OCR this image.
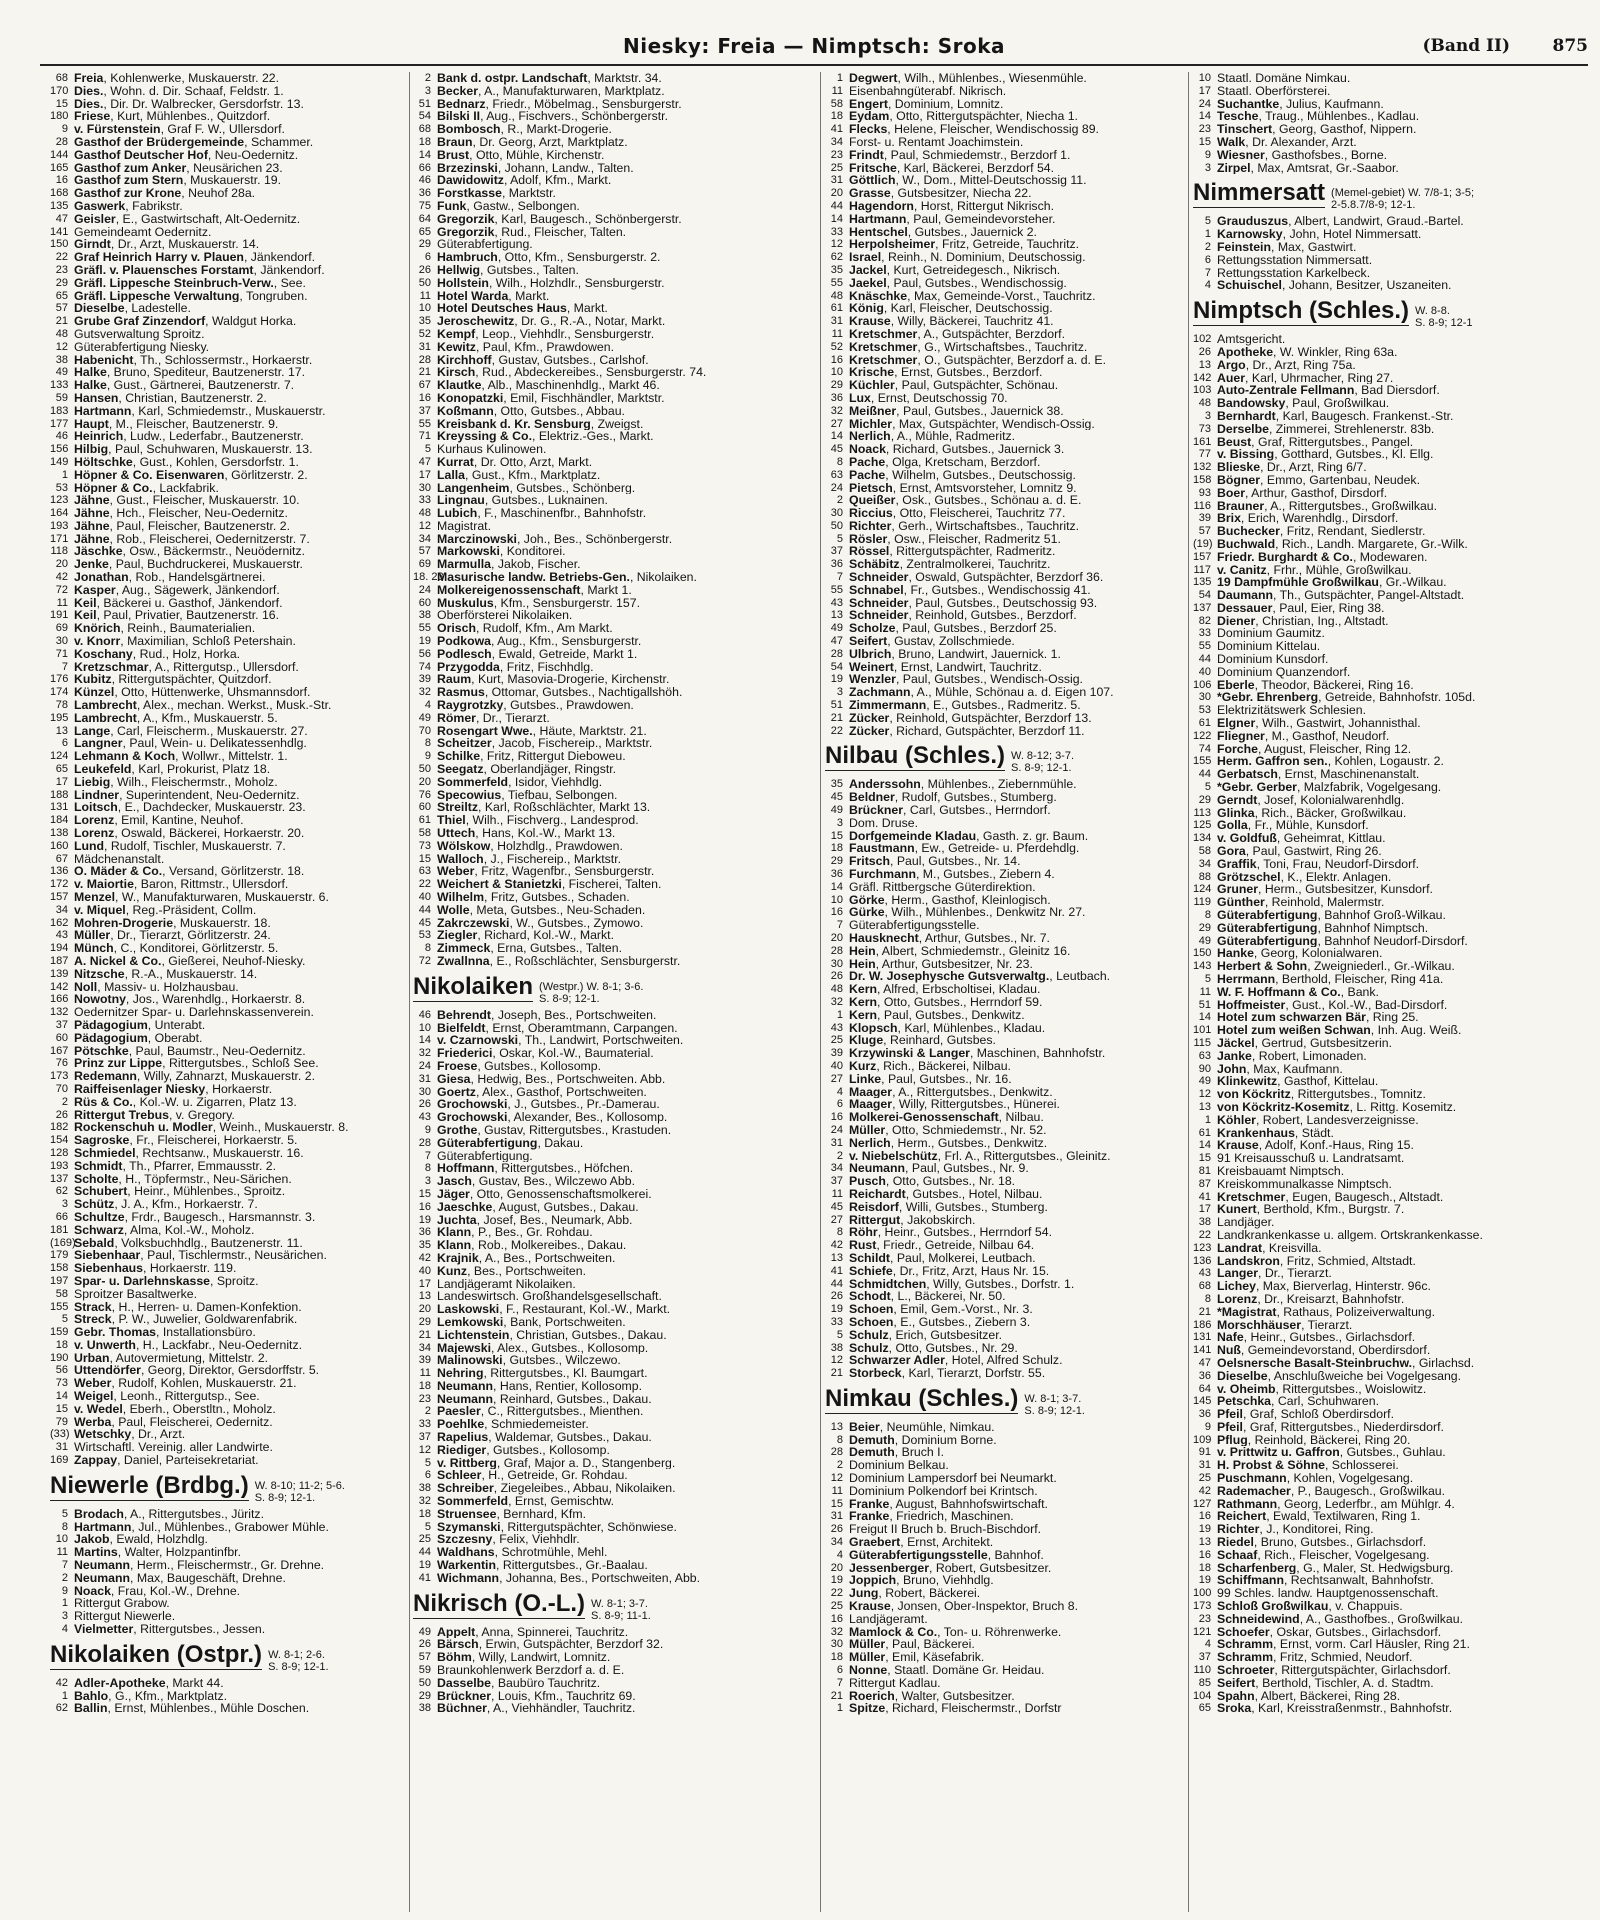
Niesky: Freia — Nimptsch: Sroka	(Band II)	875
68 Freia, Kohlenwerke, Muskauerstr. 22.
170 Dies., Wohn. d. Dir. Schaaf, Feldstr. 1.
15 Dies., Dir. Dr. Walbrecker, Gersdorfstr. 13.
180 Friese, Kurt, Mühlenbes., Quitzdorf.
9 v. Fürstenstein, Graf F. W., Ullersdorf.
28 Gasthof der Brüdergemeinde, Schammer.
144 Gasthof Deutscher Hof, Neu-Oedernitz.
165 Gasthof zum Anker, Neusärichen 23.
16 Gasthof zum Stern, Muskauerstr. 19.
168 Gasthof zur Krone, Neuhof 28a.
135 Gaswerk, Fabrikstr.
47 Geisler, E., Gastwirtschaft, Alt-Oedernitz.
141 Gemeindeamt Oedernitz.
150 Girndt, Dr., Arzt, Muskauerstr. 14.
22 Graf Heinrich Harry v. Plauen, Jänkendorf.
23 Gräfl. v. Plauensches Forstamt, Jänkendorf.
29 Gräfl. Lippesche Steinbruch-Verw., See.
65 Gräfl. Lippesche Verwaltung, Tongruben.
57 Dieselbe, Ladestelle.
21 Grube Graf Zinzendorf, Waldgut Horka.
48 Gutsverwaltung Sproitz.
12 Güterabfertigung Niesky.
38 Habenicht, Th., Schlossermstr., Horkaerstr.
49 Halke, Bruno, Spediteur, Bautzenerstr. 17.
133 Halke, Gust., Gärtnerei, Bautzenerstr. 7.
59 Hansen, Christian, Bautzenerstr. 2.
183 Hartmann, Karl, Schmiedemstr., Muskauerstr.
177 Haupt, M., Fleischer, Bautzenerstr. 9.
46 Heinrich, Ludw., Lederfabr., Bautzenerstr.
156 Hilbig, Paul, Schuhwaren, Muskauerstr. 13.
149 Höltschke, Gust., Kohlen, Gersdorfstr. 1.
1 Höpner & Co. Eisenwaren, Görlitzerstr. 2.
53 Höpner & Co., Lackfabrik.
123 Jähne, Gust., Fleischer, Muskauerstr. 10.
164 Jähne, Hch., Fleischer, Neu-Oedernitz.
193 Jähne, Paul, Fleischer, Bautzenerstr. 2.
171 Jähne, Rob., Fleischerei, Oedernitzerstr. 7.
118 Jäschke, Osw., Bäckermstr., Neuödernitz.
20 Jenke, Paul, Buchdruckerei, Muskauerstr.
42 Jonathan, Rob., Handelsgärtnerei.
72 Kasper, Aug., Sägewerk, Jänkendorf.
11 Keil, Bäckerei u. Gasthof, Jänkendorf.
191 Keil, Paul, Privatier, Bautzenerstr. 16.
69 Knörich, Reinh., Baumaterialien.
30 v. Knorr, Maximilian, Schloß Petershain.
71 Koschany, Rud., Holz, Horka.
7 Kretzschmar, A., Rittergutsp., Ullersdorf.
176 Kubitz, Rittergutspächter, Quitzdorf.
174 Künzel, Otto, Hüttenwerke, Uhsmannsdorf.
78 Lambrecht, Alex., mechan. Werkst., Musk.-Str.
195 Lambrecht, A., Kfm., Muskauerstr. 5.
13 Lange, Carl, Fleischerm., Muskauerstr. 27.
6 Langner, Paul, Wein- u. Delikatessenhdlg.
124 Lehmann & Koch, Wollwr., Mittelstr. 1.
65 Leukefeld, Karl, Prokurist, Platz 18.
17 Liebig, Wilh., Fleischermstr., Moholz.
188 Lindner, Superintendent, Neu-Oedernitz.
131 Loitsch, E., Dachdecker, Muskauerstr. 23.
184 Lorenz, Emil, Kantine, Neuhof.
138 Lorenz, Oswald, Bäckerei, Horkaerstr. 20.
160 Lund, Rudolf, Tischler, Muskauerstr. 7.
67 Mädchenanstalt.
136 O. Mäder & Co., Versand, Görlitzerstr. 18.
172 v. Maiortie, Baron, Rittmstr., Ullersdorf.
157 Menzel, W., Manufakturwaren, Muskauerstr. 6.
34 v. Miquel, Reg.-Präsident, Collm.
162 Mohren-Drogerie, Muskauerstr. 18.
43 Müller, Dr., Tierarzt, Görlitzerstr. 24.
194 Münch, C., Konditorei, Görlitzerstr. 5.
187 A. Nickel & Co., Gießerei, Neuhof-Niesky.
139 Nitzsche, R.-A., Muskauerstr. 14.
142 Noll, Massiv- u. Holzhausbau.
166 Nowotny, Jos., Warenhdlg., Horkaerstr. 8.
132 Oedernitzer Spar- u. Darlehnskassenverein.
37 Pädagogium, Unterabt.
60 Pädagogium, Oberabt.
167 Pötschke, Paul, Baumstr., Neu-Oedernitz.
76 Prinz zur Lippe, Rittergutsbes., Schloß See.
173 Redemann, Willy, Zahnarzt, Muskauerstr. 2.
70 Raiffeisenlager Niesky, Horkaerstr.
2 Rüs & Co., Kol.-W. u. Zigarren, Platz 13.
26 Rittergut Trebus, v. Gregory.
182 Rockenschuh u. Modler, Weinh., Muskauerstr. 8.
154 Sagroske, Fr., Fleischerei, Horkaerstr. 5.
128 Schmiedel, Rechtsanw., Muskauerstr. 16.
193 Schmidt, Th., Pfarrer, Emmausstr. 2.
137 Scholte, H., Töpfermstr., Neu-Särichen.
62 Schubert, Heinr., Mühlenbes., Sproitz.
3 Schütz, J. A., Kfm., Horkaerstr. 7.
66 Schultze, Frdr., Baugesch., Harsmannstr. 3.
181 Schwarz, Alma, Kol.-W., Moholz.
(169)
Sebald, Volksbuchhdlg., Bautzenerstr. 11.
179 Siebenhaar, Paul, Tischlermstr., Neusärichen.
158 Siebenhaus, Horkaerstr. 119.
197 Spar- u. Darlehnskasse, Sproitz.
58 Sproitzer Basaltwerke.
155 Strack, H., Herren- u. Damen-Konfektion.
5 Streck, P. W., Juwelier, Goldwarenfabrik.
159 Gebr. Thomas, Installationsbüro.
18 v. Unwerth, H., Lackfabr., Neu-Oedernitz.
190 Urban, Autovermietung, Mittelstr. 2.
56 Uttendörfer, Georg, Direktor, Gersdorffstr. 5.
73 Weber, Rudolf, Kohlen, Muskauerstr. 21.
14 Weigel, Leonh., Rittergutsp., See.
15 v. Wedel, Eberh., Oberstltn., Moholz.
79 Werba, Paul, Fleischerei, Oedernitz.
(33) Wetschky, Dr., Arzt.
31 Wirtschaftl. Vereinig. aller Landwirte.
169 Zappay, Daniel, Parteisekretariat.
Niewerle (Brdbg.) W. 8-10; 11-2; 5-6.
S. 8-9; 12-1.
5 Brodach, A., Rittergutsbes., Jüritz.
8 Hartmann, Jul., Mühlenbes., Grabower Mühle.
10 Jakob, Ewald, Holzhdlg.
11 Martins, Walter, Holzpantinfbr.
7 Neumann, Herm., Fleischermstr., Gr. Drehne.
2 Neumann, Max, Baugeschäft, Drehne.
9 Noack, Frau, Kol.-W., Drehne.
1 Rittergut Grabow.
3 Rittergut Niewerle.
4 Vielmetter, Rittergutsbes., Jessen.
Nikolaiken (Ostpr.) W. 8-1; 2-6.
S. 8-9; 12-1.
42 Adler-Apotheke, Markt 44.
1 Bahlo, G., Kfm., Marktplatz.
62 Ballin, Ernst, Mühlenbes., Mühle Doschen.
2 Bank d. ostpr. Landschaft, Marktstr. 34.
3 Becker, A., Manufakturwaren, Marktplatz.
51 Bednarz, Friedr., Möbelmag., Sensburgerstr.
54 Bilski II, Aug., Fischvers., Schönbergerstr.
68 Bombosch, R., Markt-Drogerie.
18 Braun, Dr. Georg, Arzt, Marktplatz.
14 Brust, Otto, Mühle, Kirchenstr.
66 Brzezinski, Johann, Landw., Talten.
46 Dawidowitz, Adolf, Kfm., Markt.
36 Forstkasse, Marktstr.
75 Funk, Gastw., Selbongen.
64 Gregorzik, Karl, Baugesch., Schönbergerstr.
65 Gregorzik, Rud., Fleischer, Talten.
29 Güterabfertigung.
6 Hambruch, Otto, Kfm., Sensburgerstr. 2.
26 Hellwig, Gutsbes., Talten.
50 Hollstein, Wilh., Holzhdlr., Sensburgerstr.
11 Hotel Warda, Markt.
10 Hotel Deutsches Haus, Markt.
35 Jeroschewitz, Dr. G., R.-A., Notar, Markt.
52 Kempf, Leop., Viehhdlr., Sensburgerstr.
31 Kewitz, Paul, Kfm., Prawdowen.
28 Kirchhoff, Gustav, Gutsbes., Carlshof.
21 Kirsch, Rud., Abdeckereibes., Sensburgerstr. 74.
67 Klautke, Alb., Maschinenhdlg., Markt 46.
16 Konopatzki, Emil, Fischhändler, Marktstr.
37 Koßmann, Otto, Gutsbes., Abbau.
55 Kreisbank d. Kr. Sensburg, Zweigst.
71 Kreyssing & Co., Elektriz.-Ges., Markt.
5 Kurhaus Kulinowen.
47 Kurrat, Dr. Otto, Arzt, Markt.
17 Lalla, Gust., Kfm., Marktplatz.
30 Langenheim, Gutsbes., Schönberg.
33 Lingnau, Gutsbes., Luknainen.
48 Lubich, F., Maschinenfbr., Bahnhofstr.
12 Magistrat.
34 Marczinowski, Joh., Bes., Schönbergerstr.
57 Markowski, Konditorei.
69 Marmulla, Jakob, Fischer.
18. 23
Masurische landw. Betriebs-Gen., Nikolaiken.
24 Molkereigenossenschaft, Markt 1.
60 Muskulus, Kfm., Sensburgerstr. 157.
38 Oberförsterei Nikolaiken.
55 Orisch, Rudolf, Kfm., Am Markt.
19 Podkowa, Aug., Kfm., Sensburgerstr.
56 Podlesch, Ewald, Getreide, Markt 1.
74 Przygodda, Fritz, Fischhdlg.
39 Raum, Kurt, Masovia-Drogerie, Kirchenstr.
32 Rasmus, Ottomar, Gutsbes., Nachtigallshöh.
4 Raygrotzky, Gutsbes., Prawdowen.
49 Römer, Dr., Tierarzt.
70 Rosengart Wwe., Häute, Marktstr. 21.
8 Scheitzer, Jacob, Fischereip., Marktstr.
9 Schilke, Fritz, Rittergut Dieboweu.
50 Seegatz, Oberlandjäger, Ringstr.
20 Sommerfeld, Isidor, Viehhdlg.
76 Specowius, Tiefbau, Selbongen.
60 Streiltz, Karl, Roßschlächter, Markt 13.
61 Thiel, Wilh., Fischverg., Landesprod.
58 Uttech, Hans, Kol.-W., Markt 13.
73 Wölskow, Holzhdlg., Prawdowen.
15 Walloch, J., Fischereip., Marktstr.
63 Weber, Fritz, Wagenfbr., Sensburgerstr.
22 Weichert & Stanietzki, Fischerei, Talten.
40 Wilhelm, Fritz, Gutsbes., Schaden.
44 Wolle, Meta, Gutsbes., Neu-Schaden.
45 Zakrczewski, W., Gutsbes., Zymowo.
53 Ziegler, Richard, Kol.-W., Markt.
8 Zimmeck, Erna, Gutsbes., Talten.
72 Zwallnna, E., Roßschlächter, Sensburgerstr.
Nikolaiken (Westpr.) W. 8-1; 3-6.
S. 8-9; 12-1.
46 Behrendt, Joseph, Bes., Portschweiten.
10 Bielfeldt, Ernst, Oberamtmann, Carpangen.
14 v. Czarnowski, Th., Landwirt, Portschweiten.
32 Friederici, Oskar, Kol.-W., Baumaterial.
24 Froese, Gutsbes., Kollosomp.
31 Giesa, Hedwig, Bes., Portschweiten. Abb.
30 Goertz, Alex., Gasthof, Portschweiten.
26 Grochowski, J., Gutsbes., Pr.-Damerau.
43 Grochowski, Alexander, Bes., Kollosomp.
9 Grothe, Gustav, Rittergutsbes., Krastuden.
28 Güterabfertigung, Dakau.
7 Güterabfertigung.
8 Hoffmann, Rittergutsbes., Höfchen.
3 Jasch, Gustav, Bes., Wilczewo Abb.
15 Jäger, Otto, Genossenschaftsmolkerei.
16 Jaeschke, August, Gutsbes., Dakau.
19 Juchta, Josef, Bes., Neumark, Abb.
36 Klann, P., Bes., Gr. Rohdau.
35 Klann, Rob., Molkereibes., Dakau.
42 Krajnik, A., Bes., Portschweiten.
40 Kunz, Bes., Portschweiten.
17 Landjägeramt Nikolaiken.
13 Landeswirtsch. Großhandelsgesellschaft.
20 Laskowski, F., Restaurant, Kol.-W., Markt.
29 Lemkowski, Bank, Portschweiten.
21 Lichtenstein, Christian, Gutsbes., Dakau.
34 Majewski, Alex., Gutsbes., Kollosomp.
39 Malinowski, Gutsbes., Wilczewo.
11 Nehring, Rittergutsbes., Kl. Baumgart.
18 Neumann, Hans, Rentier, Kollosomp.
23 Neumann, Reinhard, Gutsbes., Dakau.
2 Paesler, C., Rittergutsbes., Mienthen.
33 Poehlke, Schmiedemeister.
37 Rapelius, Waldemar, Gutsbes., Dakau.
12 Riediger, Gutsbes., Kollosomp.
5 v. Rittberg, Graf, Major a. D., Stangenberg.
6 Schleer, H., Getreide, Gr. Rohdau.
38 Schreiber, Ziegeleibes., Abbau, Nikolaiken.
32 Sommerfeld, Ernst, Gemischtw.
18 Struensee, Bernhard, Kfm.
5 Szymanski, Rittergutspächter, Schönwiese.
25 Szczesny, Felix, Viehhdlr.
44 Waldhans, Schrotmühle, Mehl.
19 Warkentin, Rittergutsbes., Gr.-Baalau.
41 Wichmann, Johanna, Bes., Portschweiten, Abb.
Nikrisch (O.-L.) W. 8-1; 3-7.
S. 8-9; 11-1.
49 Appelt, Anna, Spinnerei, Tauchritz.
26 Bärsch, Erwin, Gutspächter, Berzdorf 32.
57 Böhm, Willy, Landwirt, Lomnitz.
59 Braunkohlenwerk Berzdorf a. d. E.
50 Dasselbe, Baubüro Tauchritz.
29 Brückner, Louis, Kfm., Tauchritz 69.
38 Büchner, A., Viehhändler, Tauchritz.
1 Degwert, Wilh., Mühlenbes., Wiesenmühle.
11 Eisenbahngüterabf. Nikrisch.
58 Engert, Dominium, Lomnitz.
18 Eydam, Otto, Rittergutspächter, Niecha 1.
41 Flecks, Helene, Fleischer, Wendischossig 89.
34 Forst- u. Rentamt Joachimstein.
23 Frindt, Paul, Schmiedemstr., Berzdorf 1.
25 Fritsche, Karl, Bäckerei, Berzdorf 54.
31 Göttlich, W., Dom., Mittel-Deutschossig 11.
20 Grasse, Gutsbesitzer, Niecha 22.
44 Hagendorn, Horst, Rittergut Nikrisch.
14 Hartmann, Paul, Gemeindevorsteher.
33 Hentschel, Gutsbes., Jauernick 2.
12 Herpolsheimer, Fritz, Getreide, Tauchritz.
62 Israel, Reinh., N. Dominium, Deutschossig.
35 Jackel, Kurt, Getreidegesch., Nikrisch.
55 Jaekel, Paul, Gutsbes., Wendischossig.
48 Knäschke, Max, Gemeinde-Vorst., Tauchritz.
61 König, Karl, Fleischer, Deutschossig.
31 Krause, Willy, Bäckerei, Tauchritz 41.
11 Kretschmer, A., Gutspächter, Berzdorf.
52 Kretschmer, G., Wirtschaftsbes., Tauchritz.
16 Kretschmer, O., Gutspächter, Berzdorf a. d. E.
10 Krische, Ernst, Gutsbes., Berzdorf.
29 Küchler, Paul, Gutspächter, Schönau.
36 Lux, Ernst, Deutschossig 70.
32 Meißner, Paul, Gutsbes., Jauernick 38.
27 Michler, Max, Gutspächter, Wendisch-Ossig.
14 Nerlich, A., Mühle, Radmeritz.
45 Noack, Richard, Gutsbes., Jauernick 3.
8 Pache, Olga, Kretscham, Berzdorf.
63 Pache, Wilhelm, Gutsbes., Deutschossig.
24 Pietsch, Ernst, Amtsvorsteher, Lomnitz 9.
2 Queißer, Osk., Gutsbes., Schönau a. d. E.
30 Riccius, Otto, Fleischerei, Tauchritz 77.
50 Richter, Gerh., Wirtschaftsbes., Tauchritz.
5 Rösler, Osw., Fleischer, Radmeritz 51.
37 Rössel, Rittergutspächter, Radmeritz.
36 Schäbitz, Zentralmolkerei, Tauchritz.
7 Schneider, Oswald, Gutspächter, Berzdorf 36.
55 Schnabel, Fr., Gutsbes., Wendischossig 41.
43 Schneider, Paul, Gutsbes., Deutschossig 93.
13 Schneider, Reinhold, Gutsbes., Berzdorf.
49 Scholze, Paul, Gutsbes., Berzdorf 25.
47 Seifert, Gustav, Zollschmiede.
28 Ulbrich, Bruno, Landwirt, Jauernick. 1.
54 Weinert, Ernst, Landwirt, Tauchritz.
19 Wenzler, Paul, Gutsbes., Wendisch-Ossig.
3 Zachmann, A., Mühle, Schönau a. d. Eigen 107.
51 Zimmermann, E., Gutsbes., Radmeritz. 5.
21 Zücker, Reinhold, Gutspächter, Berzdorf 13.
22 Zücker, Richard, Gutspächter, Berzdorf 11.
Nilbau (Schles.) W. 8-12; 3-7.
S. 8-9; 12-1.
35 Anderssohn, Mühlenbes., Ziebernmühle.
45 Beldner, Rudolf, Gutsbes., Stumberg.
49 Brückner, Carl, Gutsbes., Herrndorf.
3 Dom. Druse.
15 Dorfgemeinde Kladau, Gasth. z. gr. Baum.
18 Faustmann, Ew., Getreide- u. Pferdehdlg.
29 Fritsch, Paul, Gutsbes., Nr. 14.
36 Furchmann, M., Gutsbes., Ziebern 4.
14 Gräfl. Rittbergsche Güterdirektion.
10 Görke, Herm., Gasthof, Kleinlogisch.
16 Gürke, Wilh., Mühlenbes., Denkwitz Nr. 27.
7 Güterabfertigungsstelle.
20 Hausknecht, Arthur, Gutsbes., Nr. 7.
28 Hein, Albert, Schmiedemstr., Gleinitz 16.
30 Hein, Arthur, Gutsbesitzer, Nr. 23.
26 Dr. W. Josephysche Gutsverwaltg., Leutbach.
48 Kern, Alfred, Erbscholtisei, Kladau.
32 Kern, Otto, Gutsbes., Herrndorf 59.
1 Kern, Paul, Gutsbes., Denkwitz.
43 Klopsch, Karl, Mühlenbes., Kladau.
25 Kluge, Reinhard, Gutsbes.
39 Krzywinski & Langer, Maschinen, Bahnhofstr.
40 Kurz, Rich., Bäckerei, Nilbau.
27 Linke, Paul, Gutsbes., Nr. 16.
4 Maager, A., Rittergutsbes., Denkwitz.
6 Maager, Willy, Rittergutsbes., Hünerei.
16 Molkerei-Genossenschaft, Nilbau.
24 Müller, Otto, Schmiedemstr., Nr. 52.
31 Nerlich, Herm., Gutsbes., Denkwitz.
2 v. Niebelschütz, Frl. A., Rittergutsbes., Gleinitz.
34 Neumann, Paul, Gutsbes., Nr. 9.
37 Pusch, Otto, Gutsbes., Nr. 18.
11 Reichardt, Gutsbes., Hotel, Nilbau.
45 Reisdorf, Willi, Gutsbes., Stumberg.
27 Rittergut, Jakobskirch.
8 Röhr, Heinr., Gutsbes., Herrndorf 54.
42 Rust, Friedr., Getreide, Nilbau 64.
13 Schildt, Paul, Molkerei, Leutbach.
41 Schiefe, Dr., Fritz, Arzt, Haus Nr. 15.
44 Schmidtchen, Willy, Gutsbes., Dorfstr. 1.
26 Schodt, L., Bäckerei, Nr. 50.
19 Schoen, Emil, Gem.-Vorst., Nr. 3.
33 Schoen, E., Gutsbes., Ziebern 3.
5 Schulz, Erich, Gutsbesitzer.
38 Schulz, Otto, Gutsbes., Nr. 29.
12 Schwarzer Adler, Hotel, Alfred Schulz.
21 Storbeck, Karl, Tierarzt, Dorfstr. 55.
Nimkau (Schles.) W. 8-1; 3-7.
S. 8-9; 12-1.
13 Beier, Neumühle, Nimkau.
8 Demuth, Dominium Borne.
28 Demuth, Bruch I.
2 Dominium Belkau.
12 Dominium Lampersdorf bei Neumarkt.
11 Dominium Polkendorf bei Krintsch.
15 Franke, August, Bahnhofswirtschaft.
31 Franke, Friedrich, Maschinen.
26 Freigut II Bruch b. Bruch-Bischdorf.
34 Graebert, Ernst, Architekt.
4 Güterabfertigungsstelle, Bahnhof.
20 Jessenberger, Robert, Gutsbesitzer.
19 Joppich, Bruno, Viehhdlg.
22 Jung, Robert, Bäckerei.
25 Krause, Jonsen, Ober-Inspektor, Bruch 8.
16 Landjägeramt.
32 Mamlock & Co., Ton- u. Röhrenwerke.
30 Müller, Paul, Bäckerei.
18 Müller, Emil, Käsefabrik.
6 Nonne, Staatl. Domäne Gr. Heidau.
7 Rittergut Kadlau.
21 Roerich, Walter, Gutsbesitzer.
1 Spitze, Richard, Fleischermstr., Dorfstr
10 Staatl. Domäne Nimkau.
17 Staatl. Oberförsterei.
24 Suchantke, Julius, Kaufmann.
14 Tesche, Traug., Mühlenbes., Kadlau.
23 Tinschert, Georg, Gasthof, Nippern.
15 Walk, Dr. Alexander, Arzt.
9 Wiesner, Gasthofsbes., Borne.
3 Zirpel, Max, Amtsrat, Gr.-Saabor.
Nimmersatt (Memel-gebiet) W. 7/8-1; 3-5;
2-5.8.7/8-9; 12-1.
5 Grauduszus, Albert, Landwirt, Graud.-Bartel.
1 Karnowsky, John, Hotel Nimmersatt.
2 Feinstein, Max, Gastwirt.
6 Rettungsstation Nimmersatt.
7 Rettungsstation Karkelbeck.
4 Schuischel, Johann, Besitzer, Uszaneiten.
Nimptsch (Schles.) W. 8-8.
S. 8-9; 12-1
102 Amtsgericht.
26 Apotheke, W. Winkler, Ring 63a.
13 Argo, Dr., Arzt, Ring 75a.
142 Auer, Karl, Uhrmacher, Ring 27.
103 Auto-Zentrale Fellmann, Bad Diersdorf.
48 Bandowsky, Paul, Großwilkau.
3 Bernhardt, Karl, Baugesch. Frankenst.-Str.
73 Derselbe, Zimmerei, Strehlenerstr. 83b.
161 Beust, Graf, Rittergutsbes., Pangel.
77 v. Bissing, Gotthard, Gutsbes., Kl. Ellg.
132 Blieske, Dr., Arzt, Ring 6/7.
158 Bögner, Emmo, Gartenbau, Neudek.
93 Boer, Arthur, Gasthof, Dirsdorf.
116 Brauner, A., Rittergutsbes., Großwilkau.
39 Brix, Erich, Warenhdlg., Dirsdorf.
57 Buchecker, Fritz, Rendant, Siedlerstr.
(19) Buchwald, Rich., Landh. Margarete, Gr.-Wilk.
157 Friedr. Burghardt & Co., Modewaren.
117 v. Canitz, Frhr., Mühle, Großwilkau.
135 19 Dampfmühle Großwilkau, Gr.-Wilkau.
54 Daumann, Th., Gutspächter, Pangel-Altstadt.
137 Dessauer, Paul, Eier, Ring 38.
82 Diener, Christian, Ing., Altstadt.
33 Dominium Gaumitz.
55 Dominium Kittelau.
44 Dominium Kunsdorf.
40 Dominium Quanzendorf.
106 Eberle, Theodor, Bäckerei, Ring 16.
30 *Gebr. Ehrenberg, Getreide, Bahnhofstr. 105d.
53 Elektrizitätswerk Schlesien.
61 Elgner, Wilh., Gastwirt, Johannisthal.
122 Fliegner, M., Gasthof, Neudorf.
74 Forche, August, Fleischer, Ring 12.
155 Herm. Gaffron sen., Kohlen, Logaustr. 2.
44 Gerbatsch, Ernst, Maschinenanstalt.
5 *Gebr. Gerber, Malzfabrik, Vogelgesang.
29 Gerndt, Josef, Kolonialwarenhdlg.
113 Glinka, Rich., Bäcker, Großwilkau.
125 Golla, Fr., Mühle, Kunsdorf.
134 v. Goldfuß, Geheimrat, Kittlau.
58 Gora, Paul, Gastwirt, Ring 26.
34 Graffik, Toni, Frau, Neudorf-Dirsdorf.
88 Grötzschel, K., Elektr. Anlagen.
124 Gruner, Herm., Gutsbesitzer, Kunsdorf.
119 Günther, Reinhold, Malermstr.
8 Güterabfertigung, Bahnhof Groß-Wilkau.
29 Güterabfertigung, Bahnhof Nimptsch.
49 Güterabfertigung, Bahnhof Neudorf-Dirsdorf.
150 Hanke, Georg, Kolonialwaren.
143 Herbert & Sohn, Zweigniederl., Gr.-Wilkau.
5 Herrmann, Berthold, Fleischer, Ring 41a.
11 W. F. Hoffmann & Co., Bank.
51 Hoffmeister, Gust., Kol.-W., Bad-Dirsdorf.
14 Hotel zum schwarzen Bär, Ring 25.
101 Hotel zum weißen Schwan, Inh. Aug. Weiß.
115 Jäckel, Gertrud, Gutsbesitzerin.
63 Janke, Robert, Limonaden.
90 John, Max, Kaufmann.
49 Klinkewitz, Gasthof, Kittelau.
12 von Köckritz, Rittergutsbes., Tomnitz.
13 von Köckritz-Kosemitz, L. Rittg. Kosemitz.
1 Köhler, Robert, Landesverzeignisse.
61 Krankenhaus, Städt.
14 Krause, Adolf, Konf.-Haus, Ring 15.
15 91 Kreisausschuß u. Landratsamt.
81 Kreisbauamt Nimptsch.
87 Kreiskommunalkasse Nimptsch.
41 Kretschmer, Eugen, Baugesch., Altstadt.
17 Kunert, Berthold, Kfm., Burgstr. 7.
38 Landjäger.
22 Landkrankenkasse u. allgem. Ortskrankenkasse.
123 Landrat, Kreisvilla.
136 Landskron, Fritz, Schmied, Altstadt.
43 Langer, Dr., Tierarzt.
68 Lichey, Max, Bierverlag, Hinterstr. 96c.
8 Lorenz, Dr., Kreisarzt, Bahnhofstr.
21 *Magistrat, Rathaus, Polizeiverwaltung.
186 Morschhäuser, Tierarzt.
131 Nafe, Heinr., Gutsbes., Girlachsdorf.
141 Nuß, Gemeindevorstand, Oberdirsdorf.
47 Oelsnersche Basalt-Steinbruchw., Girlachsd.
36 Dieselbe, Anschlußweiche bei Vogelgesang.
64 v. Oheimb, Rittergutsbes., Woislowitz.
145 Petschka, Carl, Schuhwaren.
36 Pfeil, Graf, Schloß Oberdirsdorf.
9 Pfeil, Graf, Rittergutsbes., Niederdirsdorf.
109 Pflug, Reinhold, Bäckerei, Ring 20.
91 v. Prittwitz u. Gaffron, Gutsbes., Guhlau.
31 H. Probst & Söhne, Schlosserei.
25 Puschmann, Kohlen, Vogelgesang.
42 Rademacher, P., Baugesch., Großwilkau.
127 Rathmann, Georg, Lederfbr., am Mühlgr. 4.
16 Reichert, Ewald, Textilwaren, Ring 1.
19 Richter, J., Konditorei, Ring.
13 Riedel, Bruno, Gutsbes., Girlachsdorf.
16 Schaaf, Rich., Fleischer, Vogelgesang.
18 Scharfenberg, G., Maler, St. Hedwigsburg.
19 Schiffmann, Rechtsanwalt, Bahnhofstr.
100 99 Schles. landw. Hauptgenossenschaft.
173 Schloß Großwilkau, v. Chappuis.
23 Schneidewind, A., Gasthofbes., Großwilkau.
121 Schoefer, Oskar, Gutsbes., Girlachsdorf.
4 Schramm, Ernst, vorm. Carl Häusler, Ring 21.
37 Schramm, Fritz, Schmied, Neudorf.
110 Schroeter, Rittergutspächter, Girlachsdorf.
85 Seifert, Berthold, Tischler, A. d. Stadtm.
104 Spahn, Albert, Bäckerei, Ring 28.
65 Sroka, Karl, Kreisstraßenmstr., Bahnhofstr.
